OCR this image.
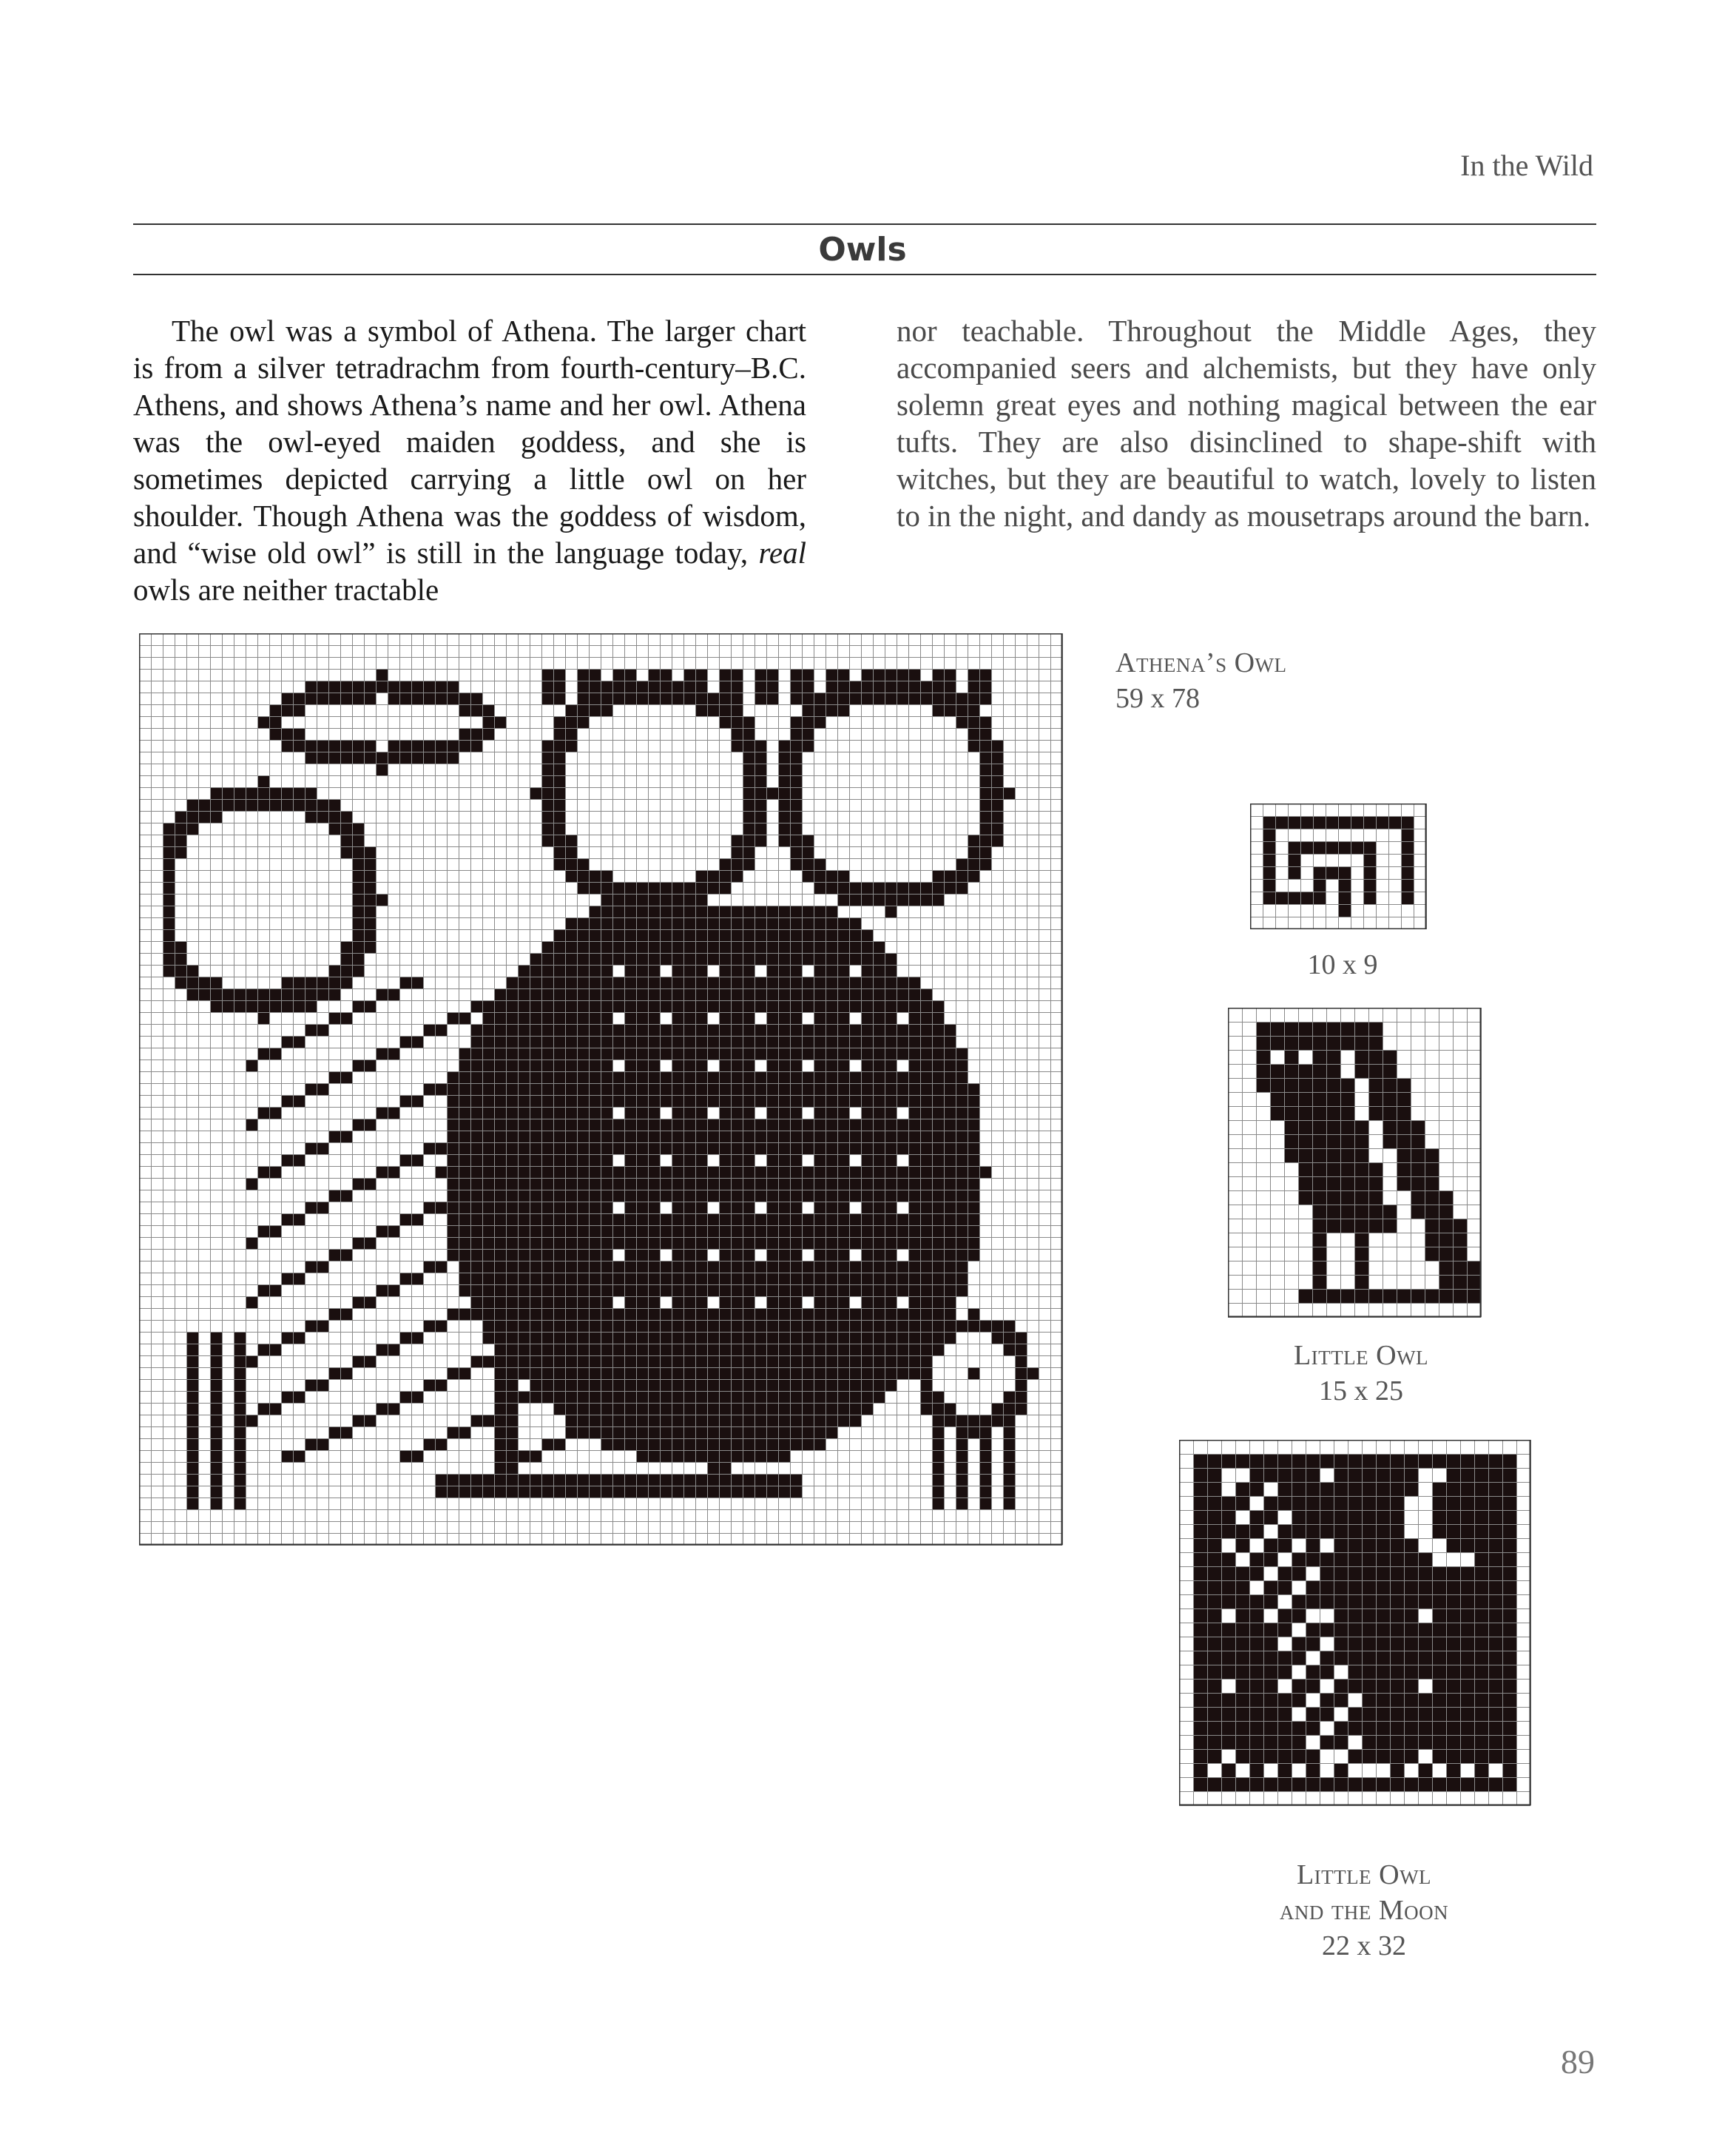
In the Wild
Owls
The owl was a symbol of Athena. The larger chart is from a silver tetradrachm from fourth-century–B.C. Athens, and shows Athena’s name and her owl. Athena was the owl-eyed maiden goddess, and she is sometimes depicted carrying a little owl on her shoulder. Though Athena was the goddess of wisdom, and “wise old owl” is still in the language today, real owls are neither tractable
nor teachable. Throughout the Middle Ages, they accompanied seers and alchemists, but they have only solemn great eyes and nothing magical between the ear tufts. They are also disinclined to shape-shift with witches, but they are beautiful to watch, lovely to listen to in the night, and dandy as mousetraps around the barn.
Athena’s Owl
59 x 78
10 x 9
Little Owl
15 x 25
Little Owl
and the Moon
22 x 32
89
